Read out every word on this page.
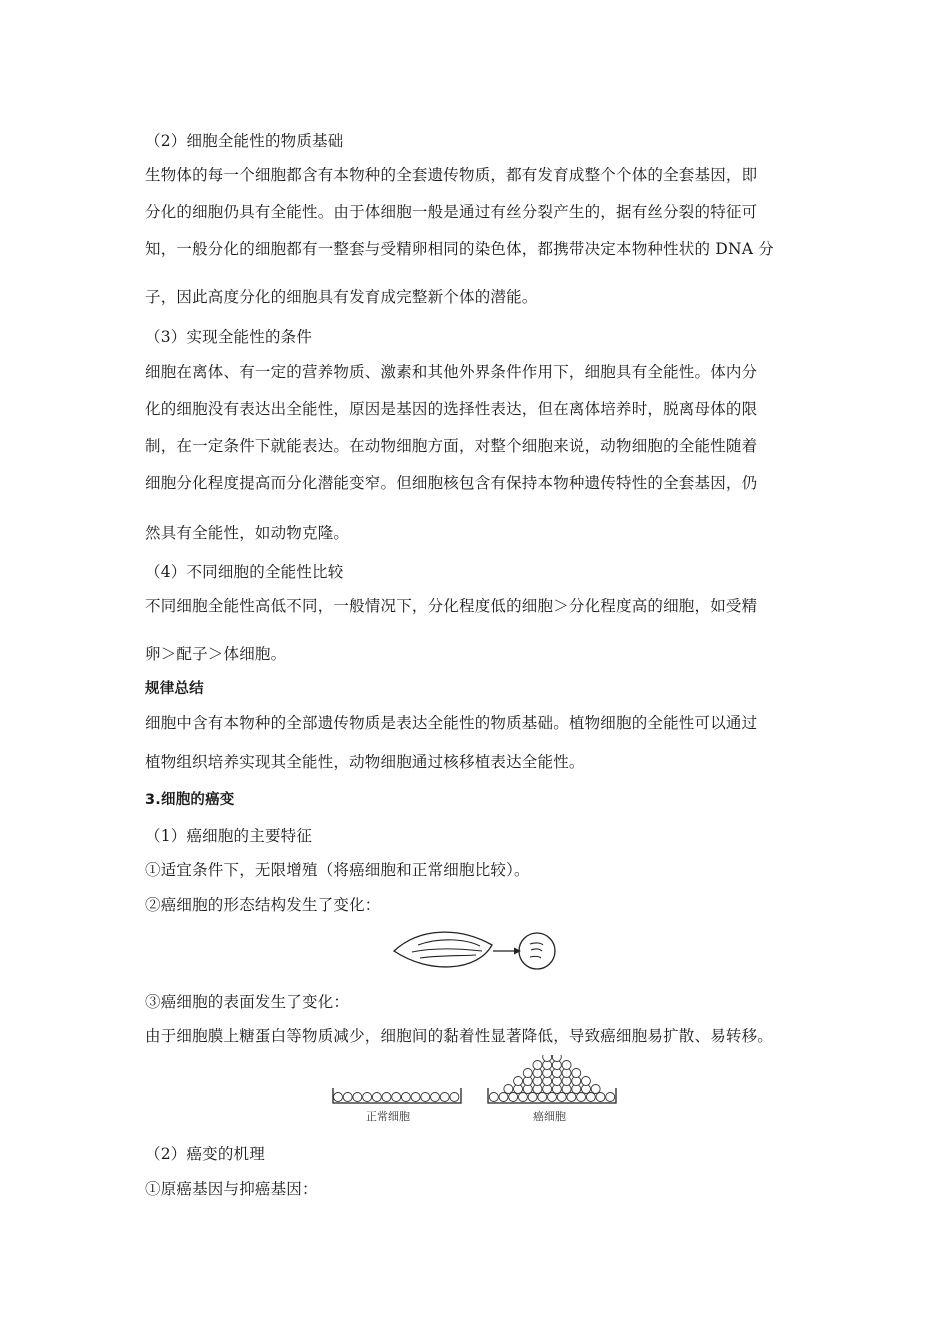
（2）细胞全能性的物质基础
生物体的每一个细胞都含有本物种的全套遗传物质，都有发育成整个个体的全套基因，即
分化的细胞仍具有全能性。由于体细胞一般是通过有丝分裂产生的，据有丝分裂的特征可
知，一般分化的细胞都有一整套与受精卵相同的染色体，都携带决定本物种性状的 DNA 分
子，因此高度分化的细胞具有发育成完整新个体的潜能。
（3）实现全能性的条件
细胞在离体、有一定的营养物质、激素和其他外界条件作用下，细胞具有全能性。体内分
化的细胞没有表达出全能性，原因是基因的选择性表达，但在离体培养时，脱离母体的限
制，在一定条件下就能表达。在动物细胞方面，对整个细胞来说，动物细胞的全能性随着
细胞分化程度提高而分化潜能变窄。但细胞核包含有保持本物种遗传特性的全套基因，仍
然具有全能性，如动物克隆。
（4）不同细胞的全能性比较
不同细胞全能性高低不同，一般情况下，分化程度低的细胞＞分化程度高的细胞，如受精
卵＞配子＞体细胞。
规律总结
细胞中含有本物种的全部遗传物质是表达全能性的物质基础。植物细胞的全能性可以通过
植物组织培养实现其全能性，动物细胞通过核移植表达全能性。
3.细胞的癌变
（1）癌细胞的主要特征
①适宜条件下，无限增殖（将癌细胞和正常细胞比较）。
②癌细胞的形态结构发生了变化：
③癌细胞的表面发生了变化：
由于细胞膜上糖蛋白等物质减少，细胞间的黏着性显著降低，导致癌细胞易扩散、易转移。
正常细胞	癌细胞
（2）癌变的机理
①原癌基因与抑癌基因：
